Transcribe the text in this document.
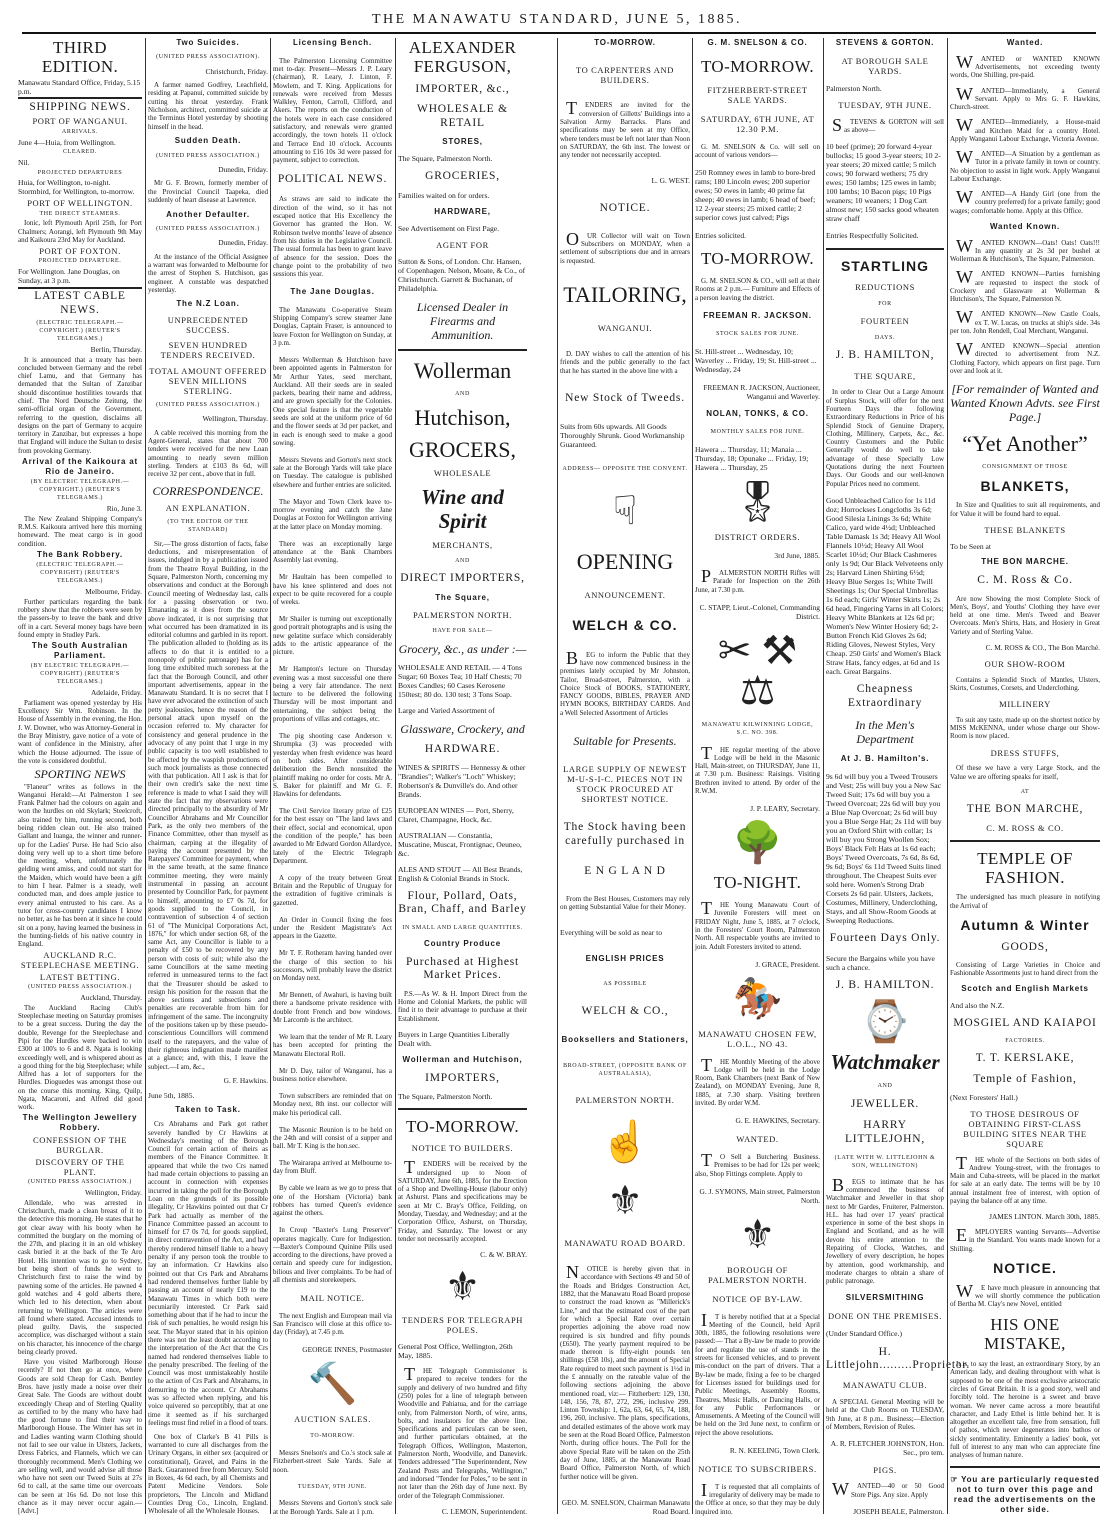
THE MANAWATU STANDARD, JUNE 5, 1885.
THIRD EDITION.
Manawatu Standard Office, Friday, 5.15 p.m.
SHIPPING NEWS.
PORT OF WANGANUI.
ARRIVALS.
June 4—Huia, from Wellington.
CLEARED.
Nil.
PROJECTED DEPARTURES
Huia, for Wellington, to-night. Stormbird, for Wellington, to-morrow.
PORT OF WELLINGTON.
THE DIRECT STEAMERS.
Ionic, left Plymouth April 25th, for Port Chalmers; Aorangi, left Plymouth 9th May and Kaikoura 23rd May for Auckland.
PORT OF FOXTON.
PROJECTED DEPARTURE.
For Wellington. Jane Douglas, on Sunday, at 3 p.m.
LATEST CABLE NEWS.
(ELECTRIC TELEGRAPH.—COPYRIGHT.) (REUTER'S TELEGRAMS.)
Berlin, Thursday.
It is announced that a treaty has been concluded between Germany and the rebel chief Lamu, and that Germany has demanded that the Sultan of Zanzibar should discontinue hostilities towards that chief. The Nord Deutsche Zeitung, the semi-official organ of the Government, referring to the question, disclaims all designs on the part of Germany to acquire territory in Zanzibar, but expresses a hope that England will induce the Sultan to desist from provoking Germany.
Arrival of the Kaikoura at Rio de Janeiro.
(BY ELECTRIC TELEGRAPH.—COPYRIGHT.) (REUTER'S TELEGRAMS.)
Rio, June 3.
The New Zealand Shipping Company's R.M.S. Kaikoura arrived here this morning homeward. The meat cargo is in good condition.
The Bank Robbery.
(ELECTRIC TELEGRAPH.—COPYRIGHT) (REUTER'S TELEGRAMS.)
Melbourne, Friday.
Further particulars regarding the bank robbery show that the robbers were seen by the passers-by to leave the bank and drive off in a cart. Several money bags have been found empty in Studley Park.
The South Australian Parliament.
(BY ELECTRIC TELEGRAPH.—COPYRIGHT) (REUTER'S TELEGRAMS.)
Adelaide, Friday.
Parliament was opened yesterday by His Excellency Sir Wm. Robinson. In the House of Assembly in the evening, the Hon. J. W. Downer, who was Attorney-General in the Bray Ministry, gave notice of a vote of want of confidence in the Ministry, after which the House adjourned. The issue of the vote is considered doubtful.
SPORTING NEWS
"Flaneur" writes as follows in the Wanganui Herald:—At Palmerston I see Frank Palmer had the colours on again and won the hurdles on old Skylark; Steelcroft, also trained by him, running second, both being ridden clean out. He also trained Gallant and Iuanga, the winner and runner-up for the Ladies' Purse. He had Scio also doing very well up to a short time before the meeting, when, unfortunately the gelding went amiss, and could not start for the Maiden, which would have been a gift to him I hear. Palmer is a steady, well conducted man, and does ample justice to every animal entrusted to his care. As a tutor for cross-country candidates I know no better, as he has been at it since he could sit on a pony, having learned the business in the hunting-fields of his native country in England.
AUCKLAND R.C. STEEPLECHASE MEETING.
LATEST BETTING.
(UNITED PRESS ASSOCIATION.)
Auckland, Thursday.
The Auckland Racing Club's Steeplechase meeting on Saturday promises to be a great success. During the day the double, Revenge for the Steeplechase and Pipi for the Hurdles were backed to win £300 at 100's to 6 and 8. Ngata is looking exceedingly well, and is whispered about as a good thing for the big Steeplechase; while Alfred has a lot of supporters for the Hurdles. Dioguedes was amongst those out on the course this morning. King, Quilp, Ngata, Macaroni, and Alfred did good work.
The Wellington Jewellery Robbery.
CONFESSION OF THE BURGLAR.
DISCOVERY OF THE PLANT.
(UNITED PRESS ASSOCIATION.)
Wellington, Friday.
Allendale, who was arrested in Christchurch, made a clean breast of it to the detective this morning. He states that he got clear away with his booty when he committed the burglary on the morning of the 27th, and placing it in an old whiskey cask buried it at the back of the Te Aro Hotel. His intention was to go to Sydney, but being short of funds he went to Christchurch first to raise the wind by pawning some of the articles. He pawned 4 gold watches and 4 gold alberts there, which led to his detection, when about returning to Wellington. The articles were all found where stated. Accused intends to plead guilty. Davis, the suspected accomplice, was discharged without a stain on his character, his innocence of the charge being clearly proved.
Have you visited Marlborough House recently? If not then go at once, where Goods are sold Cheap for Cash. Bentley Bros. have justly made a noise over their Great Sale. The Goods are without doubt exceedingly Cheap and of Sterling Quality as certified to by the many who have had the good fortune to find their way to Marlborough House. The Winter has set in and Ladies wanting warm Clothing should not fail to see our value in Ulsters, Jackets, Dress Fabrics, and Flannels, which we can thoroughly recommend. Men's Clothing we are selling well, and would advise all those who have not seen our Tweed Suits at 27s 6d to call, at the same time our overcoats can be seen at 16s 6d. Do not lose this chance as it may never occur again.—[Advt.]
Two Suicides.
(UNITED PRESS ASSOCIATION).
Christchurch, Friday.
A farmer named Godfrey, Leachfield, residing at Papanui, committed suicide by cutting his throat yesterday. Frank Nicholson, architect, committed suicide at the Terminus Hotel yesterday by shooting himself in the head.
Sudden Death.
(UNITED PRESS ASSOCIATION.)
Dunedin, Friday.
Mr G. F. Brown, formerly member of the Provincial Council Taapeka, died suddenly of heart disease at Lawrence.
Another Defaulter.
(UNITED PRESS ASSOCIATION.)
Dunedin, Friday.
At the instance of the Official Assignee a warrant was forwarded to Melbourne for the arrest of Stephen S. Hutchison, gas engineer. A constable was despatched yesterday.
The N.Z Loan.
UNPRECEDENTED SUCCESS.
SEVEN HUNDRED TENDERS RECEIVED.
TOTAL AMOUNT OFFERED SEVEN MILLIONS STERLING.
(UNITED PRESS ASSOCIATION.)
Wellington, Thursday.
A cable received this morning from the Agent-General, states that about 700 tenders were received for the new Loan amounting to nearly seven million sterling. Tenders at £103 8s 6d, will receive 32 per cent., above that in full.
CORRESPONDENCE.
AN EXPLANATION.
(TO THE EDITOR OF THE STANDARD)
Sir,—The gross distortion of facts, false deductions, and misrepresentation of issues, indulged in by a publication issued from the Theatre Royal Building, in the Square, Palmerston North, concerning my observations and conduct at the Borough Council meeting of Wednesday last, calls for a passing observation or two. Emanating as it does from the source above indicated, it is not surprising that what occurred has been dramatized in its editorial columns and garbled in its report. The publication alluded to (holding as its affects to do that it is entitled to a monopoly of public patronage) has for a long time exhibited much soreness at the fact that the Borough Council, and other important advertisements, appear in the Manawatu Standard. It is no secret that I have ever advocated the extinction of such petty jealousies, hence the reason of the personal attack upon myself on the occasion referred to. My character for consistency and general prudence in the advocacy of any point that I urge in my public capacity is too well established to be affected by the waspish productions of such mock journalists as those connected with that publication. All I ask is that for their own credit's sake the next time reference is made to what I said they will state the fact that my observations were directed principally to the absurdity of Mr Councillor Abrahams and Mr Councillor Park, as the only two members of the Finance Committee, other than myself as chairman, carping at the illegality of paying the account presented by the Ratepayers' Committee for payment, when in the same breath, at the same finance committee meeting, they were mainly instrumental in passing an account presented by Councillor Park, for payment to himself, amounting to £7 0s 7d, for goods supplied to the Council, in contravention of subsection 4 of section 61 of "The Municipal Corporations Act, 1876," for which under section 68, of the same Act, any Councillor is liable to a penalty of £50 to be recovered by any person with costs of suit; while also the same Councillors at the same meeting referred in unmeasured terms to the fact that the Treasurer should be asked to resign his position for the reason that the above sections and subsections and penalties are recoverable from him for infringement of the same. The incongruity of the positions taken up by these pseudo-conscientious Councillors will commend itself to the ratepayers, and the value of their righteous indignation made manifest at a glance; and, with this, I leave the subject.—I am, &c.,
G. F. Hawkins.
June 5th, 1885.
Taken to Task.
Crs Abrahams and Park got rather severely handled by Cr Hawkins at Wednesday's meeting of the Borough Council for certain action of theirs as members of the Finance Committee. It appeared that while the two Crs named had made certain objections to passing an account in connection with expenses incurred in taking the poll for the Borough Loan on the grounds of its possible illegality, Cr Hawkins pointed out that Cr Park had actually as member of the Finance Committee passed an account to himself for £7 0s 7d, for goods supplied, in direct contravention of the Act, and had thereby rendered himself liable to a heavy penalty if any person took the trouble to lay an information. Cr Hawkins also pointed out that Crs Park and Abrahams had rendered themselves further liable by passing an account of nearly £19 to the Manawatu Times in which both were pecuniarily interested. Cr Park said something about that if he had to incur the risk of such penalties, he would resign his seat. The Mayor stated that in his opinion there was not the least doubt according to the interpretation of the Act that the Crs named had rendered themselves liable to the penalty prescribed. The feeling of the Council was most unmistakeably hostile to the action of Crs Park and Abrahams, in demurring to the account. Cr Abrahams was so affected when replying, and his voice quivered so perceptibly, that at one time it seemed as if his surcharged feelings must find relief in a flood of tears.
One box of Clarke's B 41 Pills is warranted to cure all discharges from the Urinary Organs, in either sex (acquired or constitutional), Gravel, and Pains in the Back. Guaranteed free from Mercury. Sold in Boxes, 4s 6d each, by all Chemists and Patent Medicine Vendors. Sole proprietors, The Lincoln and Midland Counties Drug Co., Lincoln, England. Wholesale of all the Wholesale Houses.
Licensing Bench.
The Palmerston Licensing Committee met to-day. Present—Messrs J. P. Leary (chairman), R. Leary, J. Linton, F. Mowlem, and T. King. Applications for renewals were received from Messrs Walkley, Fenton, Carroll, Clifford, and Akers. The reports on the conduction of the hotels were in each case considered satisfactory, and renewals were granted accordingly, the town hotels 11 o'clock and Terrace End 10 o'clock. Accounts amounting to £16 10s 3d were passed for payment, subject to correction.
POLITICAL NEWS.
As straws are said to indicate the direction of the wind, so it has not escaped notice that His Excellency the Governor has granted the Hon. W. Robinson twelve months' leave of absence from his duties in the Legislative Council. The usual formula has been to grant leave of absence for the session. Does the change point to the probability of two sessions this year.
The Jane Douglas.
The Manawatu Co-operative Steam Shipping Company's screw steamer Jane Douglas, Captain Fraser, is announced to leave Foxton for Wellington on Sunday, at 3 p.m.
Messrs Wollerman & Hutchison have been appointed agents in Palmerston for Mr Arthur Yates, seed merchant, Auckland. All their seeds are in sealed packets, bearing their name and address, and are grown specially for the Colonies. One special feature is that the vegetable seeds are sold at the uniform price of 6d and the flower seeds at 3d per packet, and in each is enough seed to make a good sowing.
Messrs Stevens and Gorton's next stock sale at the Borough Yards will take place on Tuesday. The catalogue is published elsewhere and further entries are solicited.
The Mayor and Town Clerk leave to-morrow evening and catch the Jane Douglas at Foxton for Wellington arriving at the latter place on Monday morning.
There was an exceptionally large attendance at the Bank Chambers Assembly last evening.
Mr Haultain has been compelled to have his knee splintered and does not expect to be quite recovered for a couple of weeks.
Mr Shailer is turning out exceptionally good portrait photographs and is using the new gelatine surface which considerably adds to the artistic appearance of the picture.
Mr Hampton's lecture on Thursday evening was a most successful one there being a very fair attendance. The next lecture to be delivered the following Thursday will be most important and entertaining, the subject being the proportions of villas and cottages, etc.
The pig shooting case Anderson v. Shrumpka (3) was proceeded with yesterday when fresh evidence was heard on both sides. After considerable deliberation the Bench nonsuited the plaintiff making no order for costs. Mr A. S. Baker for plaintiff and Mr G. F. Hawkins for defendants.
The Civil Service literary prize of £25 for the best essay on "The land laws and their effect, social and economical, upon the condition of the people," has been awarded to Mr Edward Gordon Allardyce, lately of the Electric Telegraph Department.
A copy of the treaty between Great Britain and the Republic of Uruguay for the extradition of fugitive criminals is gazetted.
An Order in Council fixing the fees under the Resident Magistrate's Act appears in the Gazette.
Mr T. F. Rotheram having handed over the charge of this section to his successors, will probably leave the district on Monday next.
Mr Bennett, of Awahuri, is having built there a handsome private residence with double front French and bow windows. Mr Larcomb is the architect.
We learn that the tender of Mr R. Leary has been accepted for printing the Manawatu Electoral Roll.
Mr D. Day, tailor of Wanganui, has a business notice elsewhere.
Town subscribers are reminded that on Monday next, 8th inst. our collector will make his periodical call.
The Masonic Reunion is to be held on the 24th and will consist of a supper and ball. Mr T. King is the hon.sec.
The Wairarapa arrived at Melbourne to-day from Bluff.
By cable we learn as we go to press that one of the Horsham (Victoria) bank robbers has turned Queen's evidence against the others.
In Croup "Baxter's Lung Preserver" operates magically. Cure for Indigestion.—Baxter's Compound Quinine Pills used according to the directions, have proved a certain and speedy cure for indigestion, bilious and liver complaints. To be had of all chemists and storekeepers.
MAIL NOTICE.
The next English and European mail via San Francisco will close at this office to-day (Friday), at 7.45 p.m.
GEORGE INNES, Postmaster
🔨
AUCTION SALES.
TO-MORROW.
Messrs Snelson's and Co.'s stock sale at Fitzherbert-street Sale Yards. Sale at noon.
TUESDAY, 9TH JUNE.
Messrs Stevens and Gorton's stock sale at the Borough Yards. Sale at 1 p.m.
ALEXANDER FERGUSON,
IMPORTER, &c.,
WHOLESALE & RETAIL
STORES,
The Square, Palmerston North.
GROCERIES,
Families waited on for orders.
HARDWARE,
See Advertisement on First Page.
AGENT FOR
Sutton & Sons, of London. Chr. Hansen, of Copenhagen. Nelson, Moate, & Co., of Christchurch. Garrett & Buchanan, of Philadelphia.
Licensed Dealer in Firearms and Ammunition.
Wollerman
AND
Hutchison,
GROCERS,
WHOLESALE
Wine and Spirit
MERCHANTS,
AND
DIRECT IMPORTERS,
The Square,
PALMERSTON NORTH.
HAVE FOR SALE—
Grocery, &c., as under :—
WHOLESALE AND RETAIL — 4 Tons Sugar; 60 Boxes Tea; 10 Half Chests; 70 Boxes Candles; 60 Cases Kerosene 150test; 80 do. 130 test; 3 Tons Soap.
Large and Varied Assortment of
Glassware, Crockery, and
HARDWARE.
WINES & SPIRITS — Hennessy & other "Brandies"; Walker's "Loch" Whiskey; Robertson's & Dunville's do. And other Brands.
EUROPEAN WINES — Port, Sherry, Claret, Champagne, Hock, &c.
AUSTRALIAN — Constantia, Muscatine, Muscat, Frontignac, Oeuneo, &c.
ALES AND STOUT — All Best Brands, English & Colonial Brands in Stock.
Flour, Pollard, Oats, Bran, Chaff, and Barley
IN SMALL AND LARGE QUANTITIES.
Country Produce
Purchased at Highest Market Prices.
P.S.—As W. & H. Import Direct from the Home and Colonial Markets, the public will find it to their advantage to purchase at their Establishment.
Buyers in Large Quantities Liberally Dealt with.
Wollerman and Hutchison,
IMPORTERS,
The Square, Palmerston North.
TO-MORROW.
NOTICE TO BUILDERS.
TENDERS will be received by the undersigned up to Noon of SATURDAY, June 6th, 1885, for the Erection of a Shop and Dwelling-House (labour only) at Ashurst. Plans and specifications may be seen at Mr C. Bray's Office, Feilding, on Monday, Tuesday, and Wednesday; and at the Corporation Office, Ashurst, on Thursday, Friday, and Saturday. The lowest or any tender not necessarily accepted.
C. & W. BRAY.
⚜
TENDERS FOR TELEGRAPH POLES.
General Post Office, Wellington, 26th May, 1885.
THE Telegraph Commissioner is prepared to receive tenders for the supply and delivery of two hundred and fifty (250) poles for a line of telegraph between Woodville and Pahiatua, and for the carriage only, from Palmerston North, of wire, arms, bolts, and insulators for the above line. Specifications and particulars can be seen, and further particulars obtained, at the Telegraph Offices, Wellington, Masterton, Palmerston North, Woodville, and Danevirk. Tenders addressed "The Superintendent, New Zealand Posts and Telegraphs, Wellington," and indorsed "Tender for Poles," to be sent in not later than the 26th day of June next. By order of the Telegraph Commissioner.
C. LEMON, Superintendent.
TO-MORROW.
TO CARPENTERS AND BUILDERS.
TENDERS are invited for the conversion of Gilletts' Buildings into a Salvation Army Barracks. Plans and specifications may be seen at my Office, where tenders must be left not later than Noon on SATURDAY, the 6th inst. The lowest or any tender not necessarily accepted.
L. G. WEST.
NOTICE.
OUR Collector will wait on Town Subscribers on MONDAY, when a settlement of subscriptions due and in arrears is requested.
TAILORING,
WANGANUI.
D. DAY wishes to call the attention of his friends and the public generally to the fact that he has started in the above line with a
New Stock of Tweeds.
Suits from 60s upwards. All Goods Thoroughly Shrunk. Good Workmanship Guaranteed.
ADDRESS— OPPOSITE THE CONVENT.
☟
OPENING
ANNOUNCEMENT.
WELCH & CO.
BEG to inform the Public that they have now commenced business in the premises lately occupied by Mr Johnston, Tailor, Broad-street, Palmerston, with a Choice Stock of BOOKS, STATIONERY, FANCY GOODS, BIBLES, PRAYER AND HYMN BOOKS, BIRTHDAY CARDS. And a Well Selected Assortment of Articles
Suitable for Presents.
LARGE SUPPLY OF NEWEST M-U-S-I-C. PIECES NOT IN STOCK PROCURED AT SHORTEST NOTICE.
The Stock having been carefully purchased in
E N G L A N D
From the Best Houses, Customers may rely on getting Substantial Value for their Money.
Everything will be sold as near to
ENGLISH PRICES
AS POSSIBLE
WELCH & CO.,
Booksellers and Stationers,
BROAD-STREET, (OPPOSITE BANK OF AUSTRALASIA),
PALMERSTON NORTH.
☝
⚜
MANAWATU ROAD BOARD.
NOTICE is hereby given that in accordance with Sections 49 and 50 of the Roads and Bridges Construction Act, 1882, that the Manawatu Road Board propose to construct the road known as "Millerick's Line," and that the estimated cost of the part for which a Special Rate over certain properties adjoining the above road now required is six hundred and fifty pounds (£650). The yearly payment required to be made thereon is fifty-eight pounds ten shillings (£58 10s), and the amount of Special Rate required to meet such payment is 1½d in the £ annually on the rateable value of the following sections adjoining the above mentioned road, viz:— Fitzherbert: 129, 130, 148, 156, 78, 87, 272, 296, inclusive 299. Linton Township: 1, 62a, 63, 64, 65, 74, 188, 196, 260, inclusive. The plans, specifications, and detailed estimates of the above work may be seen at the Road Board Office, Palmerston North, during office hours. The Poll for the above Special Rate will be taken on the 25th day of June, 1885, at the Manawatu Road Board Office, Palmerston North, of which further notice will be given.
GEO. M. SNELSON, Chairman Manawatu Road Board.
G. M. SNELSON & CO.
TO-MORROW.
FITZHERBERT-STREET SALE YARDS.
SATURDAY, 6TH JUNE, AT 12.30 P.M.
G. M. SNELSON & Co. will sell on account of various vendors—
250 Romney ewes in lamb to bore-bred rams; 180 Lincoln ewes; 200 superior ewes; 50 ewes in lamb; 40 prime fat sheep; 40 ewes in lamb; 6 head of beef; 12 2-year steers; 25 mixed cattle; 2 superior cows just calved; Pigs
Entries solicited.
TO-MORROW.
G. M. SNELSON & CO., will sell at their Rooms at 2 p.m.— Furniture and Effects of a person leaving the district.
FREEMAN R. JACKSON.
STOCK SALES FOR JUNE.
St. Hill-street ... Wednesday, 10; Waverley ... Friday, 19; St. Hill-street ... Wednesday, 24
FREEMAN R. JACKSON, Auctioneer, Wanganui and Waverley.
NOLAN, TONKS, & CO.
MONTHLY SALES FOR JUNE.
Hawera ... Thursday, 11; Manaia ... Thursday, 18; Opunake ... Friday, 19; Hawera ... Thursday, 25
🎖
DISTRICT ORDERS.
3rd June, 1885.
PALMERSTON NORTH Rifles will Parade for Inspection on the 26th June, at 7.30 p.m.
C. STAPP, Lieut.-Colonel, Commanding District.
✂ ⚒ ⚖
MANAWATU KILWINNING LODGE, S.C. NO. 398.
THE regular meeting of the above Lodge will be held in the Masonic Hall, Main-street, on THURSDAY, June 11, at 7.30 p.m. Business: Raisings. Visiting Brethren invited to attend. By order of the R.W.M.
J. P. LEARY, Secretary.
🌳
TO-NIGHT.
THE Young Manawatu Court of Juvenile Foresters will meet on FRIDAY Night, June 5, 1885, at 7 o'clock, in the Foresters' Court Room, Palmerston North. All respectable youths are invited to join. Adult Foresters invited to attend.
J. GRACE, President.
🏇
MANAWATU CHOSEN FEW, L.O.L., NO 43.
THE Monthly Meeting of the above Lodge will be held in the Lodge Room, Bank Chambers (next Bank of New Zealand), on MONDAY Evening, June 8, 1885, at 7.30 sharp. Visiting brethren invited. By order W.M.
G. E. HAWKINS, Secretary.
WANTED.
TO Sell a Butchering Business. Premises to be had for 12s per week; also, Shop Fittings complete. Apply to
G. J. SYMONS, Main street, Palmerston North.
⚜
BOROUGH OF PALMERSTON NORTH.
NOTICE OF BY-LAW.
IT is hereby notified that at a Special Meeting of the Council, held April 30th, 1885, the following resolutions were passed:— That a By-law be made to provide for and regulate the use of stands in the streets for licensed vehicles, and to prevent mis-conduct on the part of drivers. That a By-law be made, fixing a fee to be charged for Licenses issued for buildings used for Public Meetings, Assembly Rooms, Theatres, Music Halls, or Dancing Halls, or for any Public Performances or Amusements. A Meeting of the Council will be held on the 3rd June next, to confirm or reject the above resolutions.
R. N. KEELING, Town Clerk.
NOTICE TO SUBSCRIBERS.
IT is requested that all complaints of irregularity of delivery may be made to the Office at once, so that they may be duly inquired into.
STEVENS & GORTON.
AT BOROUGH SALE YARDS.
Palmerston North.
TUESDAY, 9TH JUNE.
STEVENS & GORTON will sell as above—
10 beef (prime); 20 forward 4-year bullocks; 15 good 3-year steers; 10 2-year steers; 20 mixed cattle; 5 milch cows; 90 forward wethers; 75 dry ewes; 150 lambs; 125 ewes in lamb; 100 lambs; 10 Bacon pigs; 10 Pigs weaners; 10 weaners; 1 Dog Cart almost new; 150 sacks good wheaten straw chaff
Entries Respectfully Solicited.
STARTLING
REDUCTIONS
FOR
FOURTEEN
DAYS.
J. B. HAMILTON,
THE SQUARE,
In order to Clear Out a Large Amount of Surplus Stock, will offer for the next Fourteen Days the following Extraordinary Reductions in Price of his Splendid Stock of Genuine Drapery, Clothing, Millinery, Carpets, &c., &c. Country Customers and the Public Generally would do well to take advantage of these Specially Low Quotations during the next Fourteen Days. Our Goods and our well-known Popular Prices need no comment.
Good Unbleached Calico for 1s 11d doz; Horrockses Longcloths 3s 6d; Good Silesia Linings 3s 6d; White Calico, yard wide 4½d; Unbleached Table Damask 1s 3d; Heavy All Wool Flannels 10½d; Heavy All Wool Scarlet 10½d; Our Black Cashmeres only 1s 9d; Our Black Velveteens only 2s; Harvard Linen Shirting 6½d; Heavy Blue Serges 1s; White Twill Sheetings 1s; Our Special Umbrellas 1s 6d each; Girls' Winter Skirts 1s; 2s 6d head, Fingering Yarns in all Colors; Heavy White Blankets at 12s 6d pr; Women's New Winter Hosiery 6d; 2-Button French Kid Gloves 2s 6d; Riding Gloves, Newest Styles, Very Cheap. 250 Girls' and Women's Black Straw Hats, fancy edges, at 6d and 1s each. Great Bargains.
Cheapness Extraordinary
In the Men's Department
At J. B. Hamilton's.
9s 6d will buy you a Tweed Trousers and Vest; 25s will buy you a New Sac Tweed Suit; 17s 6d will buy you a Tweed Overcoat; 22s 6d will buy you a Blue Nap Overcoat; 2s 6d will buy you a Blue Serge Hat; 2s 11d will buy you an Oxford Shirt with collar; 1s will buy you Strong Woollen Sox; Boys' Black Felt Hats at 1s 6d each; Boys' Tweed Overcoats, 7s 6d, 8s 6d, 9s 6d; Boys' 6s 11d Tweed Suits lined throughout. The Cheapest Suits ever sold here. Women's Strong Drab Corsets 2s 6d pair. Ulsters, Jackets, Costumes, Millinery, Underclothing, Stays, and all Show-Room Goods at Sweeping Reductions.
Fourteen Days Only.
Secure the Bargains while you have such a chance.
J. B. HAMILTON.
⌚
Watchmaker
AND
JEWELLER.
HARRY LITTLEJOHN,
(LATE WITH W. LITTLEJOHN & SON, WELLINGTON)
BEGS to intimate that he has commenced the business of Watchmaker and Jeweller in that shop next to Mr Gardes, Fruiterer, Palmerston. H.L. has had over 17 years' practical experience in some of the best shops in England and Scotland, and as he will devote his entire attention to the Repairing of Clocks, Watches, and Jewellery of every description, he hopes by attention, good workmanship, and moderate charges to obtain a share of public patronage.
SILVERSMITHING
DONE ON THE PREMISES.
(Under Standard Office.)
H. Littlejohn.........Proprietor.
MANAWATU CLUB.
A SPECIAL General Meeting will be held at the Club Rooms on TUESDAY, 9th June, at 8 p.m.. Business;—Election of Members, Revision of Rules.
A. R. FLETCHER JOHNSTON, Hon. Sec., pro tem.
PIGS.
WANTED—40 or 50 Good Store Pigs. Any size. Apply
JOSEPH BEALE, Palmerston.
Wanted.
WANTED or WANTED KNOWN Advertisements, not exceeding twenty words, One Shilling, pre-paid.
WANTED—Immediately, a General Servant. Apply to Mrs G. F. Hawkins, Church-street.
WANTED—Immediately, a House-maid and Kitchen Maid for a country Hotel. Apply Wanganui Labour Exchange, Victoria Avenue.
WANTED—A Situation by a gentleman as Tutor in a private family in town or country. No objection to assist in light work. Apply Wanganui Labour Exchange.
WANTED—A Handy Girl (one from the country preferred) for a private family; good wages; comfortable home. Apply at this Office.
Wanted Known.
WANTED KNOWN—Oats! Oats! Oats!!! In any quantity at 2s 3d per bushel at Wollerman & Hutchison's, The Square, Palmerston.
WANTED KNOWN—Parties furnishing are requested to inspect the stock of Crockery and Glassware at Wollerman & Hutchison's, The Square, Palmerston N.
WANTED KNOWN—New Castle Coals, ex T. W. Lucas, on trucks at ship's side. 34s per ton. John Rendell, Coal Merchant, Wanganui.
WANTED KNOWN—Special attention directed to advertisement from N.Z. Clothing Factory, which appears on first page. Turn over and look at it.
[For remainder of Wanted and Wanted Known Advts. see First Page.]
“Yet Another”
CONSIGNMENT OF THOSE
BLANKETS,
In Size and Qualities to suit all requirements, and for Value it will be found hard to equal.
THESE BLANKETS
To be Seen at
THE BON MARCHE.
C. M. Ross & Co.
Are now Showing the most Complete Stock of Men's, Boys', and Youths' Clothing they have ever held at one time. Men's Tweed and Beaver Overcoats. Men's Shirts, Hats, and Hosiery in Great Variety and of Sterling Value.
C. M. ROSS & CO., The Bon Marché.
OUR SHOW-ROOM
Contains a Splendid Stock of Mantles, Ulsters, Skirts, Costumes, Corsets, and Underclothing.
MILLINERY
To suit any taste, made up on the shortest notice by MISS McKENNA, under whose charge our Show-Room is now placed.
DRESS STUFFS,
Of these we have a very Large Stock, and the Value we are offering speaks for itself,
AT
THE BON MARCHE,
C. M. ROSS & CO.
TEMPLE OF FASHION.
The undersigned has much pleasure in notifying the Arrival of
Autumn & Winter
GOODS,
Consisting of Large Varieties in Choice and Fashionable Assortments just to hand direct from the
Scotch and English Markets
And also the N.Z.
MOSGIEL AND KAIAPOI
FACTORIES.
T. T. KERSLAKE,
Temple of Fashion,
(Next Foresters' Hall.)
TO THOSE DESIROUS OF OBTAINING FIRST-CLASS BUILDING SITES NEAR THE SQUARE
THE whole of the Sections on both sides of Andrew Young-street, with the frontages to Main and Cuba-streets, will be placed in the market for sale at an early date. The terms will be by 10 annual instalment free of interest, with option of paying the balance off at any time.
JAMES LINTON. March 30th, 1885.
EMPLOYERS wanting Servants—Advertise in the Standard. You wants made known for a Shilling.
NOTICE.
WE have much pleasure in announcing that we will shortly commence the publication of Bertha M. Clay's new Novel, entitled
HIS ONE MISTAKE,
It is, to say the least, an extraordinary Story, by an American lady, and dealing throughout with what is supposed to be one of the most exclusive aristocratic circles of Great Britain. It is a good story, well and forcibly told. The heroine is a sweet and brave woman. We never came across a more beautiful character, and Lady Ethel is little behind her. It is altogether an excellent tale, free from sensation, full of pathos, which never degenerates into bathos or sickly sentimentality. Eminently a ladies' book, yet full of interest to any man who can appreciate fine analyses of human nature.
☞ You are particularly requested not to turn over this page and read the advertisements on the other side.
